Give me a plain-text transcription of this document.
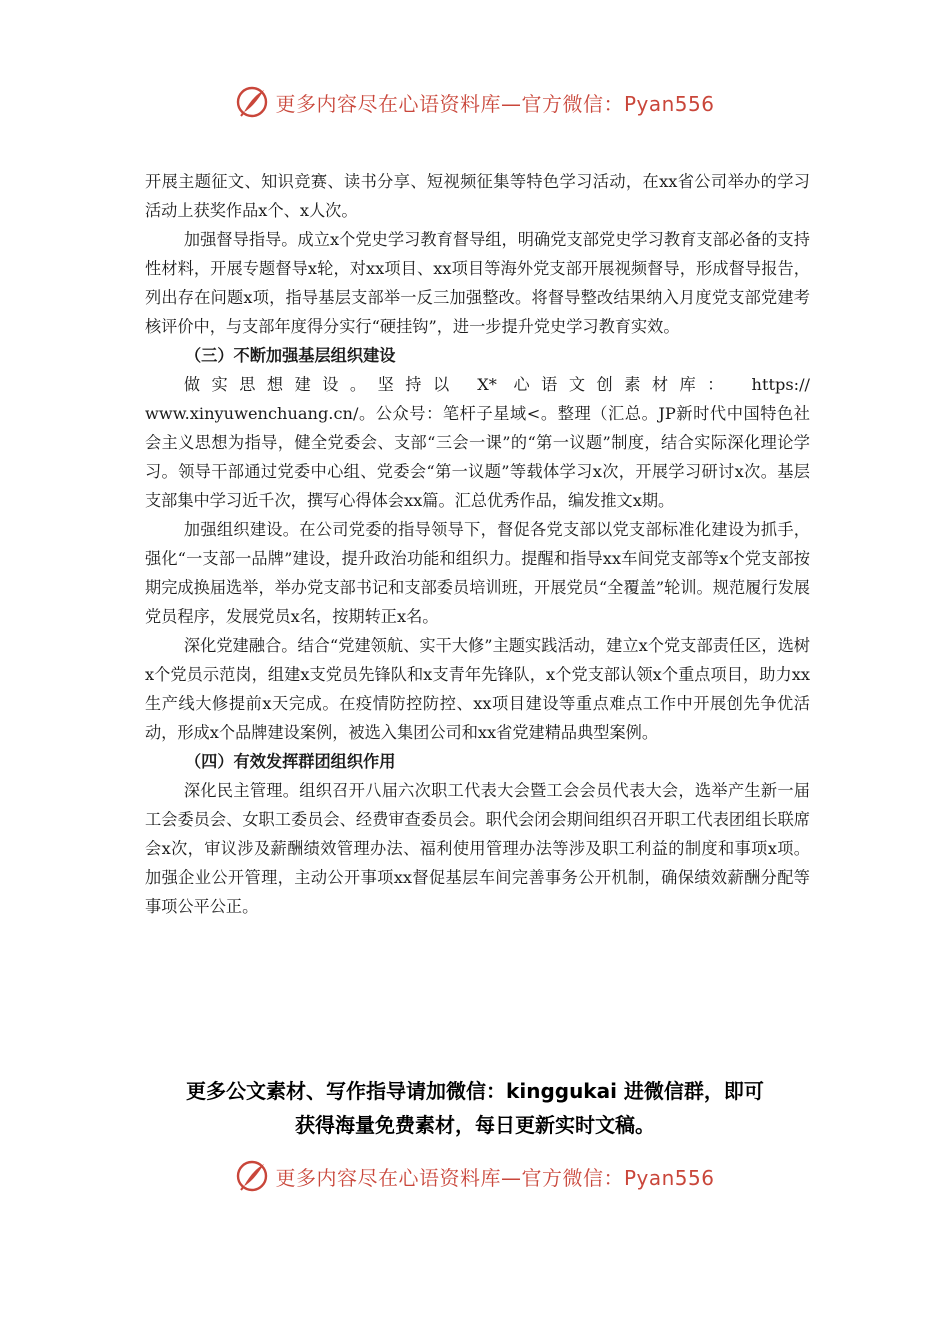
更多内容尽在心语资料库—官方微信：Pyan556

开展主题征文、知识竞赛、读书分享、短视频征集等特色学习活动，在xx省公司举办的学习活动上获奖作品x个、x人次。

加强督导指导。成立x个党史学习教育督导组，明确党支部党史学习教育支部必备的支持性材料，开展专题督导x轮，对xx项目、xx项目等海外党支部开展视频督导，形成督导报告，列出存在问题x项，指导基层支部举一反三加强整改。将督导整改结果纳入月度党支部党建考核评价中，与支部年度得分实行“硬挂钩”，进一步提升党史学习教育实效。

（三）不断加强基层组织建设

做实思想建设。坚持以 X* 心语文创素材库： https://

www.xinyuwenchuang.cn/。公众号：笔杆子星域<。整理（汇总。JP新时代中国特色社会主义思想为指导，健全党委会、支部“三会一课”的“第一议题”制度，结合实际深化理论学习。领导干部通过党委中心组、党委会“第一议题”等载体学习x次，开展学习研讨x次。基层支部集中学习近千次，撰写心得体会xx篇。汇总优秀作品，编发推文x期。

加强组织建设。在公司党委的指导领导下，督促各党支部以党支部标准化建设为抓手，强化“一支部一品牌”建设，提升政治功能和组织力。提醒和指导xx车间党支部等x个党支部按期完成换届选举，举办党支部书记和支部委员培训班，开展党员“全覆盖”轮训。规范履行发展党员程序，发展党员x名，按期转正x名。

深化党建融合。结合“党建领航、实干大修”主题实践活动，建立x个党支部责任区，选树x个党员示范岗，组建x支党员先锋队和x支青年先锋队，x个党支部认领x个重点项目，助力xx生产线大修提前x天完成。在疫情防控防控、xx项目建设等重点难点工作中开展创先争优活动，形成x个品牌建设案例，被选入集团公司和xx省党建精品典型案例。

（四）有效发挥群团组织作用

深化民主管理。组织召开八届六次职工代表大会暨工会会员代表大会，选举产生新一届工会委员会、女职工委员会、经费审查委员会。职代会闭会期间组织召开职工代表团组长联席会x次，审议涉及薪酬绩效管理办法、福利使用管理办法等涉及职工利益的制度和事项x项。加强企业公开管理，主动公开事项xx督促基层车间完善事务公开机制，确保绩效薪酬分配等事项公平公正。

更多公文素材、写作指导请加微信：kinggukai 进微信群，即可
获得海量免费素材，每日更新实时文稿。
更多内容尽在心语资料库—官方微信：Pyan556
